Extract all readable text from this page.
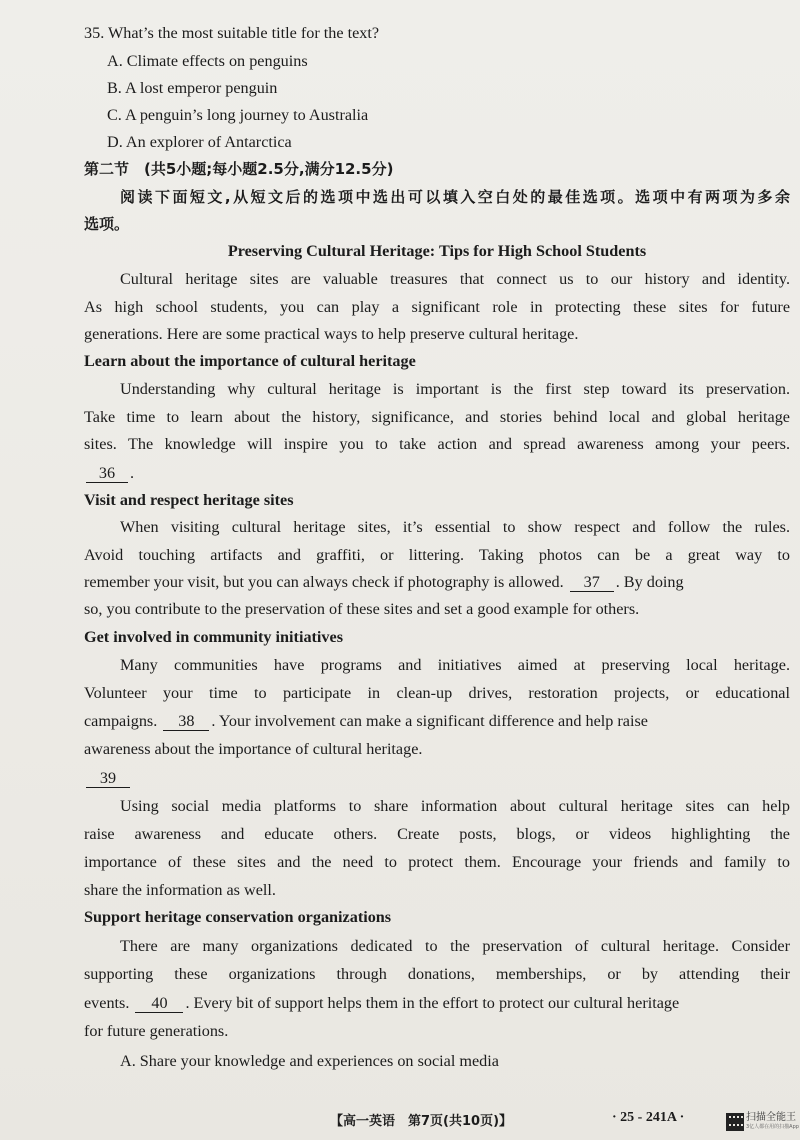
35. What’s the most suitable title for the text?
A. Climate effects on penguins
B. A lost emperor penguin
C. A penguin’s long journey to Australia
D. An explorer of Antarctica
第二节　(共5小题;每小题2.5分,满分12.5分)
阅读下面短文,从短文后的选项中选出可以填入空白处的最佳选项。选项中有两项为多余
选项。
Preserving Cultural Heritage: Tips for High School Students
Cultural heritage sites are valuable treasures that connect us to our history and identity.
As high school students, you can play a significant role in protecting these sites for future
generations. Here are some practical ways to help preserve cultural heritage.
Learn about the importance of cultural heritage
Understanding why cultural heritage is important is the first step toward its preservation.
Take time to learn about the history, significance, and stories behind local and global heritage
sites. The knowledge will inspire you to take action and spread awareness among your peers.
36 .
Visit and respect heritage sites
When visiting cultural heritage sites, it’s essential to show respect and follow the rules.
Avoid touching artifacts and graffiti, or littering. Taking photos can be a great way to
remember your visit, but you can always check if photography is allowed. 37 . By doing
so, you contribute to the preservation of these sites and set a good example for others.
Get involved in community initiatives
Many communities have programs and initiatives aimed at preserving local heritage.
Volunteer your time to participate in clean-up drives, restoration projects, or educational
campaigns. 38 . Your involvement can make a significant difference and help raise
awareness about the importance of cultural heritage.
39
Using social media platforms to share information about cultural heritage sites can help
raise awareness and educate others. Create posts, blogs, or videos highlighting the
importance of these sites and the need to protect them. Encourage your friends and family to
share the information as well.
Support heritage conservation organizations
There are many organizations dedicated to the preservation of cultural heritage. Consider
supporting these organizations through donations, memberships, or by attending their
events. 40 . Every bit of support helps them in the effort to protect our cultural heritage
for future generations.
A. Share your knowledge and experiences on social media
【高一英语　第7页(共10页)】	· 25 - 241A ·	扫描全能王
3亿人都在用的扫描App
